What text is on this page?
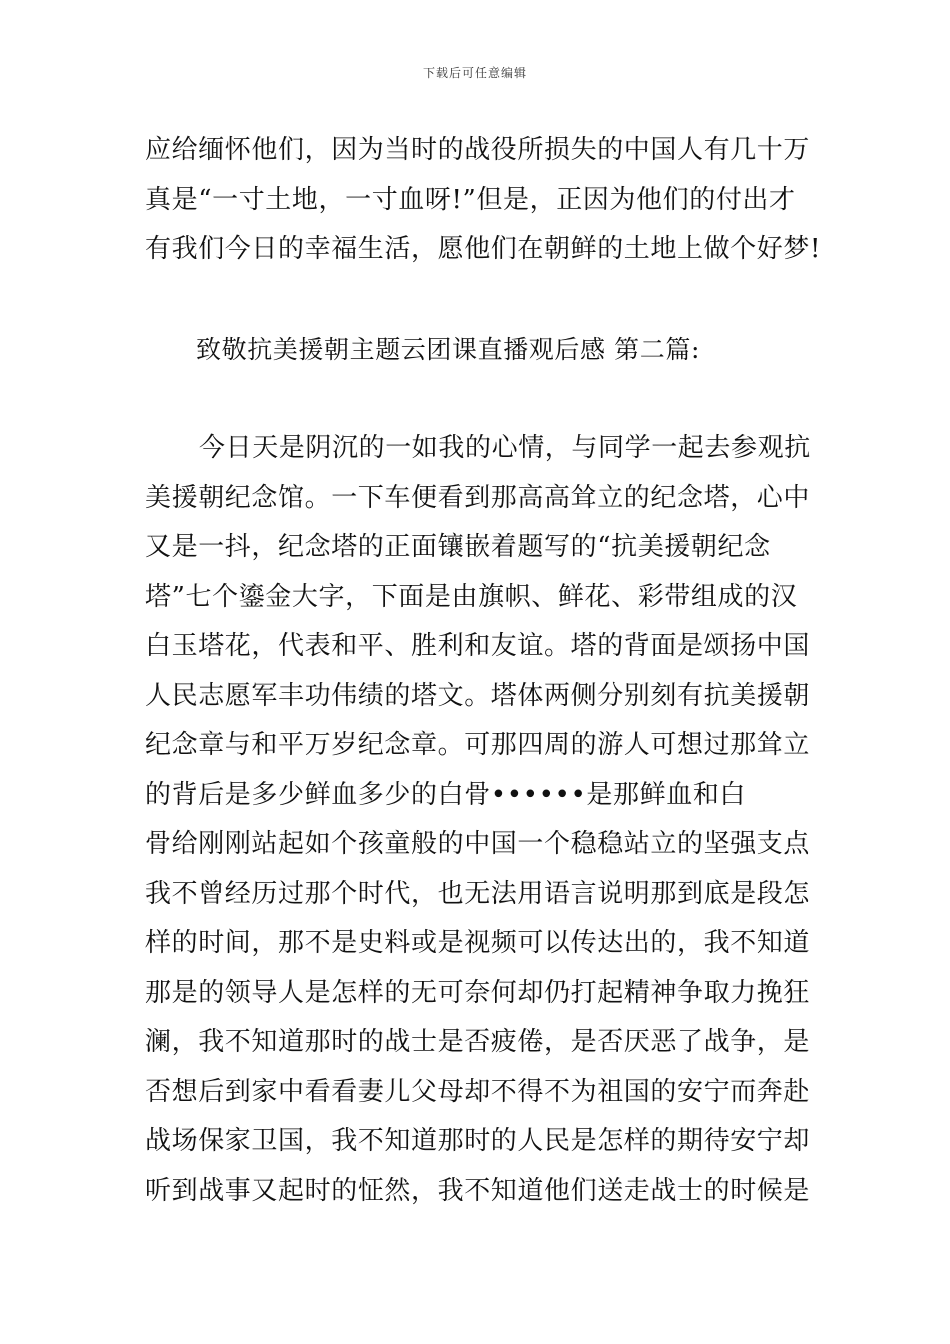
下载后可任意编辑
应给缅怀他们，因为当时的战役所损失的中国人有几十万
真是“一寸土地，一寸血呀!”但是，正因为他们的付出才
有我们今日的幸福生活，愿他们在朝鲜的土地上做个好梦!
致敬抗美援朝主题云团课直播观后感 第二篇:
今日天是阴沉的一如我的心情，与同学一起去参观抗
美援朝纪念馆。一下车便看到那高高耸立的纪念塔，心中
又是一抖，纪念塔的正面镶嵌着题写的“抗美援朝纪念
塔”七个鎏金大字，下面是由旗帜、鲜花、彩带组成的汉
白玉塔花，代表和平、胜利和友谊。塔的背面是颂扬中国
人民志愿军丰功伟绩的塔文。塔体两侧分别刻有抗美援朝
纪念章与和平万岁纪念章。可那四周的游人可想过那耸立
的背后是多少鲜血多少的白骨••••••是那鲜血和白
骨给刚刚站起如个孩童般的中国一个稳稳站立的坚强支点
我不曾经历过那个时代，也无法用语言说明那到底是段怎
样的时间，那不是史料或是视频可以传达出的，我不知道
那是的领导人是怎样的无可奈何却仍打起精神争取力挽狂
澜，我不知道那时的战士是否疲倦，是否厌恶了战争，是
否想后到家中看看妻儿父母却不得不为祖国的安宁而奔赴
战场保家卫国，我不知道那时的人民是怎样的期待安宁却
听到战事又起时的怔然，我不知道他们送走战士的时候是
